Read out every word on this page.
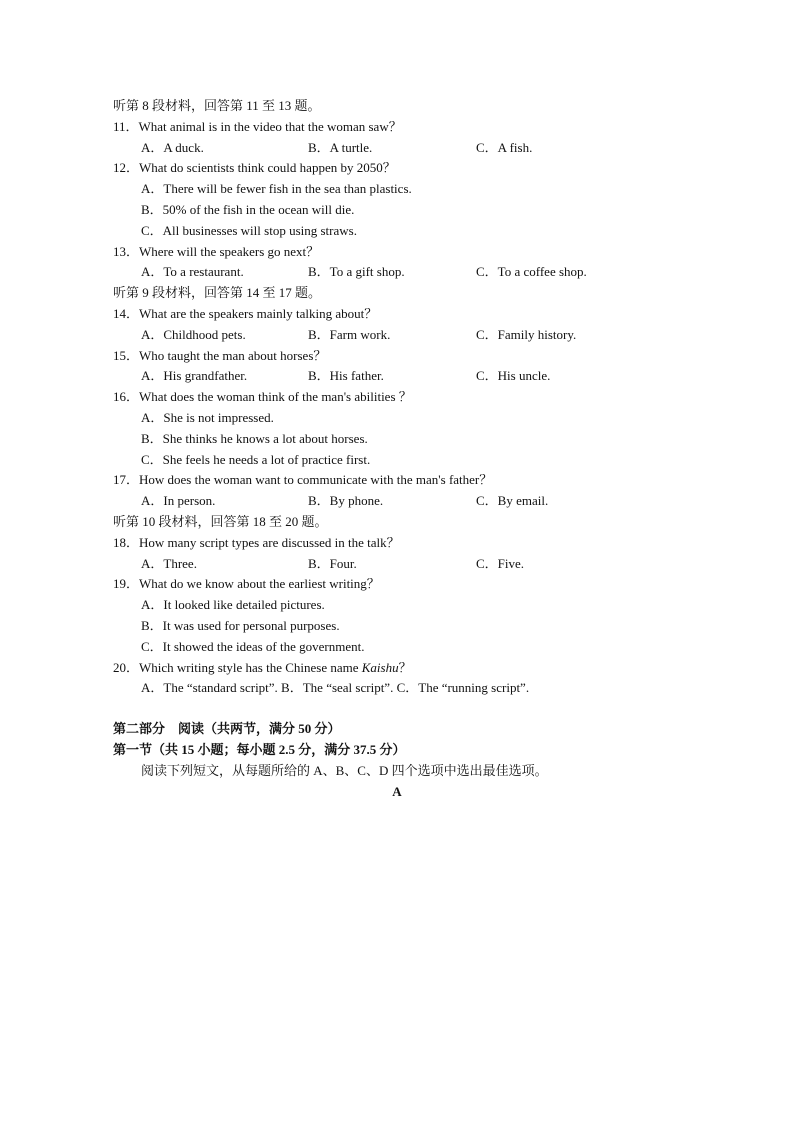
听第 8 段材料，回答第 11 至 13 题。
11．What animal is in the video that the woman saw？
A．A duck.	B．A turtle.	C．A fish.
12．What do scientists think could happen by 2050？
A．There will be fewer fish in the sea than plastics.
B．50% of the fish in the ocean will die.
C．All businesses will stop using straws.
13．Where will the speakers go next？
A．To a restaurant.	B．To a gift shop.	C．To a coffee shop.
听第 9 段材料，回答第 14 至 17 题。
14．What are the speakers mainly talking about？
A．Childhood pets.	B．Farm work.	C．Family history.
15．Who taught the man about horses？
A．His grandfather.	B．His father.	C．His uncle.
16．What does the woman think of the man's abilities ？
A．She is not impressed.
B．She thinks he knows a lot about horses.
C．She feels he needs a lot of practice first.
17．How does the woman want to communicate with the man's father？
A．In person.	B．By phone.	C．By email.
听第 10 段材料，回答第 18 至 20 题。
18．How many script types are discussed in the talk？
A．Three.	B．Four.	C．Five.
19．What do we know about the earliest writing？
A．It looked like detailed pictures.
B．It was used for personal purposes.
C．It showed the ideas of the government.
20．Which writing style has the Chinese name Kaishu？
A．The “standard script”. B．The “seal script”. C．The “running script”.
第二部分　阅读（共两节，满分 50 分）
第一节（共 15 小题；每小题 2.5 分，满分 37.5 分）
阅读下列短文，从每题所给的 A、B、C、D 四个选项中选出最佳选项。
A
